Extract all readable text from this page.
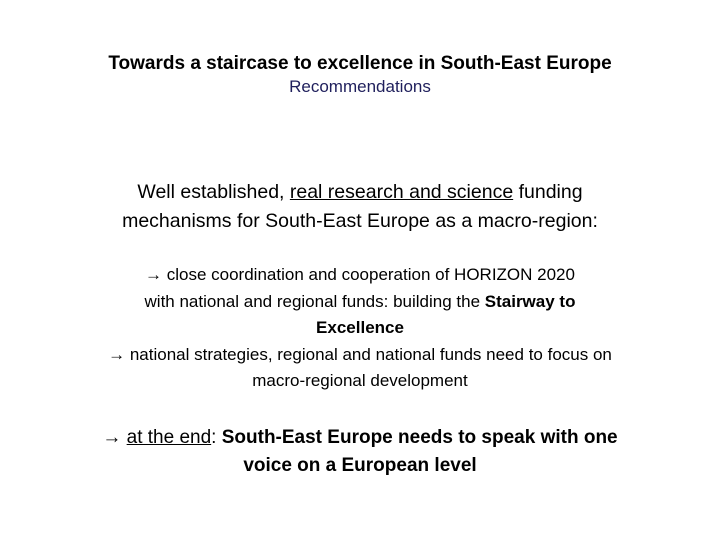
Towards a staircase to excellence in South-East Europe
Recommendations
Well established, real research and science funding
mechanisms for South-East Europe as a macro-region:
→ close coordination and cooperation of HORIZON 2020
with national and regional funds: building the Stairway to
Excellence
→ national strategies, regional and national funds need to focus on
macro-regional development
→ at the end: South-East Europe needs to speak with one
voice on a European level
